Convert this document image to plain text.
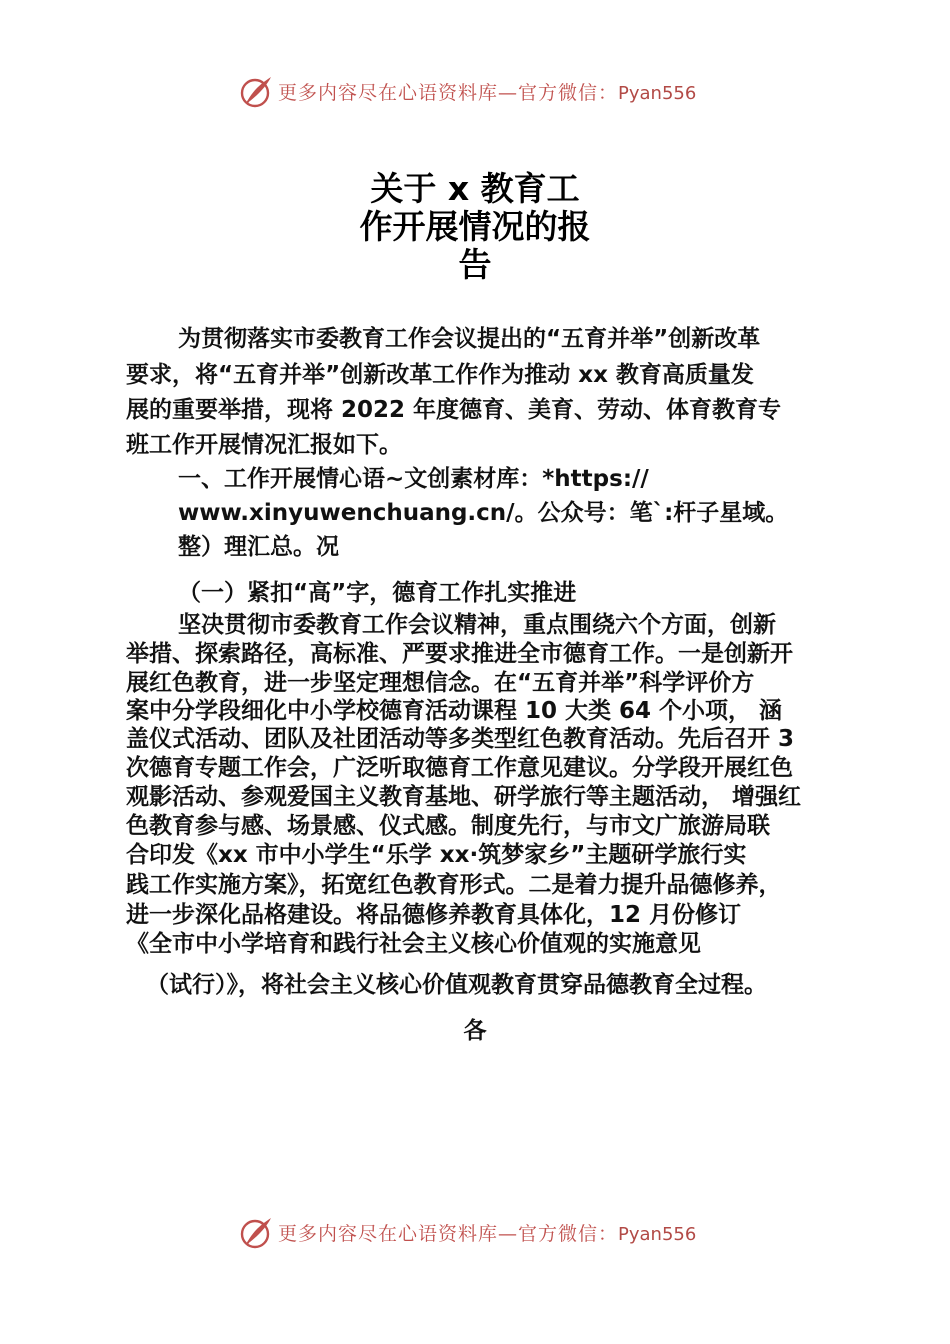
更多内容尽在心语资料库—官方微信：Pyan556
关于 x 教育工
作开展情况的报
告
为贯彻落实市委教育工作会议提出的“五育并举”创新改革
要求，将“五育并举”创新改革工作作为推动 xx 教育高质量发
展的重要举措，现将 2022 年度德育、美育、劳动、体育教育专
班工作开展情况汇报如下。
一、工作开展情心语~文创素材库：*https://
www.xinyuwenchuang.cn/。公众号：笔`:杆子星域。
整）理汇总。况
（一）紧扣“高”字，德育工作扎实推进
坚决贯彻市委教育工作会议精神，重点围绕六个方面，创新
举措、探索路径，高标准、严要求推进全市德育工作。一是创新开
展红色教育，进一步坚定理想信念。在“五育并举”科学评价方
案中分学段细化中小学校德育活动课程 10 大类 64 个小项， 涵
盖仪式活动、团队及社团活动等多类型红色教育活动。先后召开 3
次德育专题工作会，广泛听取德育工作意见建议。分学段开展红色
观影活动、参观爱国主义教育基地、研学旅行等主题活动， 增强红
色教育参与感、场景感、仪式感。制度先行，与市文广旅游局联
合印发《xx 市中小学生“乐学 xx·筑梦家乡”主题研学旅行实
践工作实施方案》，拓宽红色教育形式。二是着力提升品德修养，
进一步深化品格建设。将品德修养教育具体化，12 月份修订
《全市中小学培育和践行社会主义核心价值观的实施意见
（试行）》，将社会主义核心价值观教育贯穿品德教育全过程。
各
更多内容尽在心语资料库—官方微信：Pyan556
